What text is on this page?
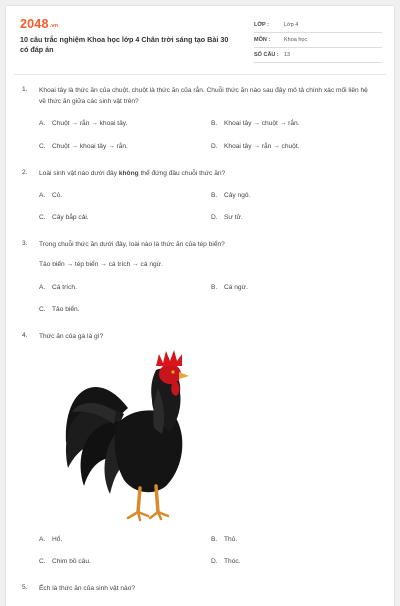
2048.vn
10 câu trắc nghiệm Khoa học lớp 4 Chân trời sáng tạo Bài 30 có đáp án
LỚP :	Lớp 4
MÔN :	Khoa học
SỐ CÂU : 13
1.	Khoai tây là thức ăn của chuột, chuột là thức ăn của rắn. Chuỗi thức ăn nào sau đây mô tả chính xác mối liên hệ về thức ăn giữa các sinh vật trên?
A. Chuột → rắn → khoai tây.	B. Khoai tây → chuột → rắn.
C. Chuột → khoai tây → rắn.	D. Khoai tây → rắn → chuột.
2.	Loài sinh vật nào dưới đây không thể đứng đầu chuỗi thức ăn?
A. Cỏ.	B. Cây ngô.
C. Cây bắp cải.	D. Sư tử.
3.	Trong chuỗi thức ăn dưới đây, loài nào là thức ăn của tép biển?
Tảo biển → tép biển → cá trích → cá ngừ.
A. Cá trích.	B. Cá ngừ.
C. Tảo biển.
4.	Thức ăn của gà là gì?
A. Hổ.	B. Thỏ.
C. Chim bồ câu.	D. Thóc.
5.	Ếch là thức ăn của sinh vật nào?
